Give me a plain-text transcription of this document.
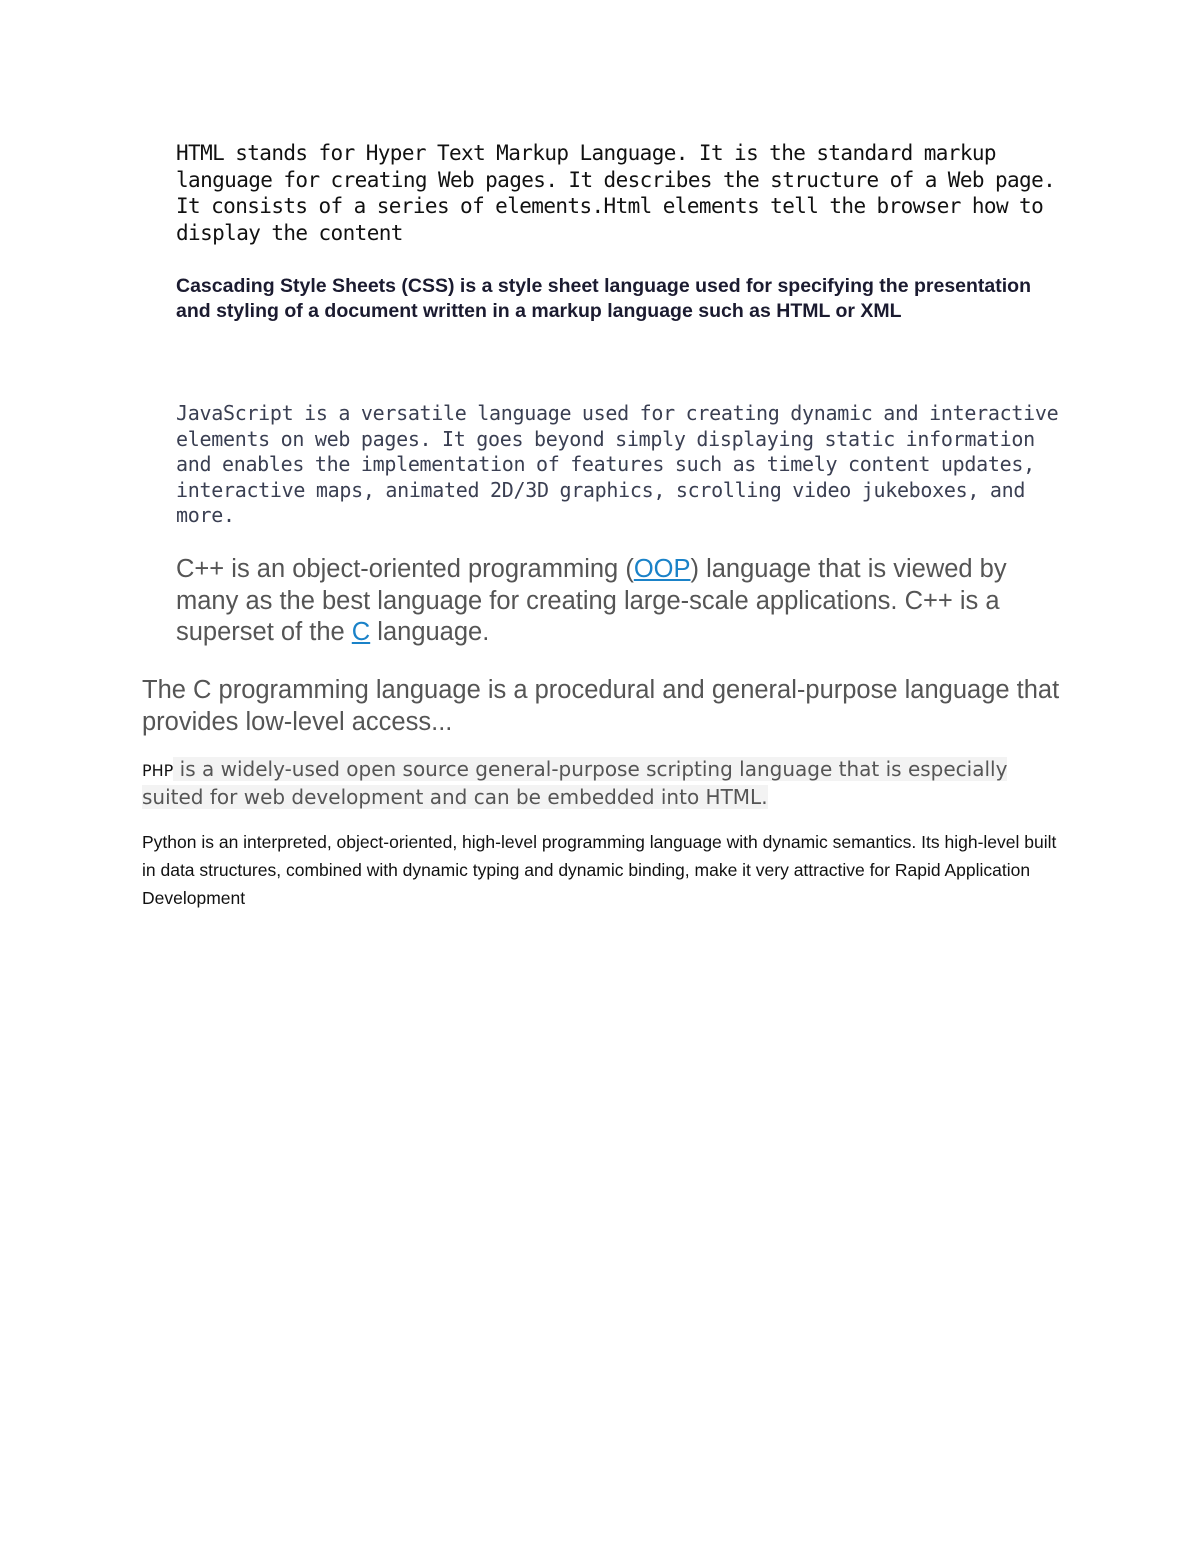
HTML stands for Hyper Text Markup Language. It is the standard markup language for creating Web pages. It describes the structure of a Web page. It consists of a series of elements.Html elements tell the browser how to display the content

Cascading Style Sheets (CSS) is a style sheet language used for specifying the presentation and styling of a document written in a markup language such as HTML or XML

JavaScript is a versatile language used for creating dynamic and interactive elements on web pages. It goes beyond simply displaying static information and enables the implementation of features such as timely content updates, interactive maps, animated 2D/3D graphics, scrolling video jukeboxes, and more.

C++ is an object-oriented programming (OOP) language that is viewed by many as the best language for creating large-scale applications. C++ is a superset of the C language.

The C programming language is a procedural and general-purpose language that provides low-level access...

PHP is a widely-used open source general-purpose scripting language that is especially suited for web development and can be embedded into HTML.

Python is an interpreted, object-oriented, high-level programming language with dynamic semantics. Its high-level built in data structures, combined with dynamic typing and dynamic binding, make it very attractive for Rapid Application Development
